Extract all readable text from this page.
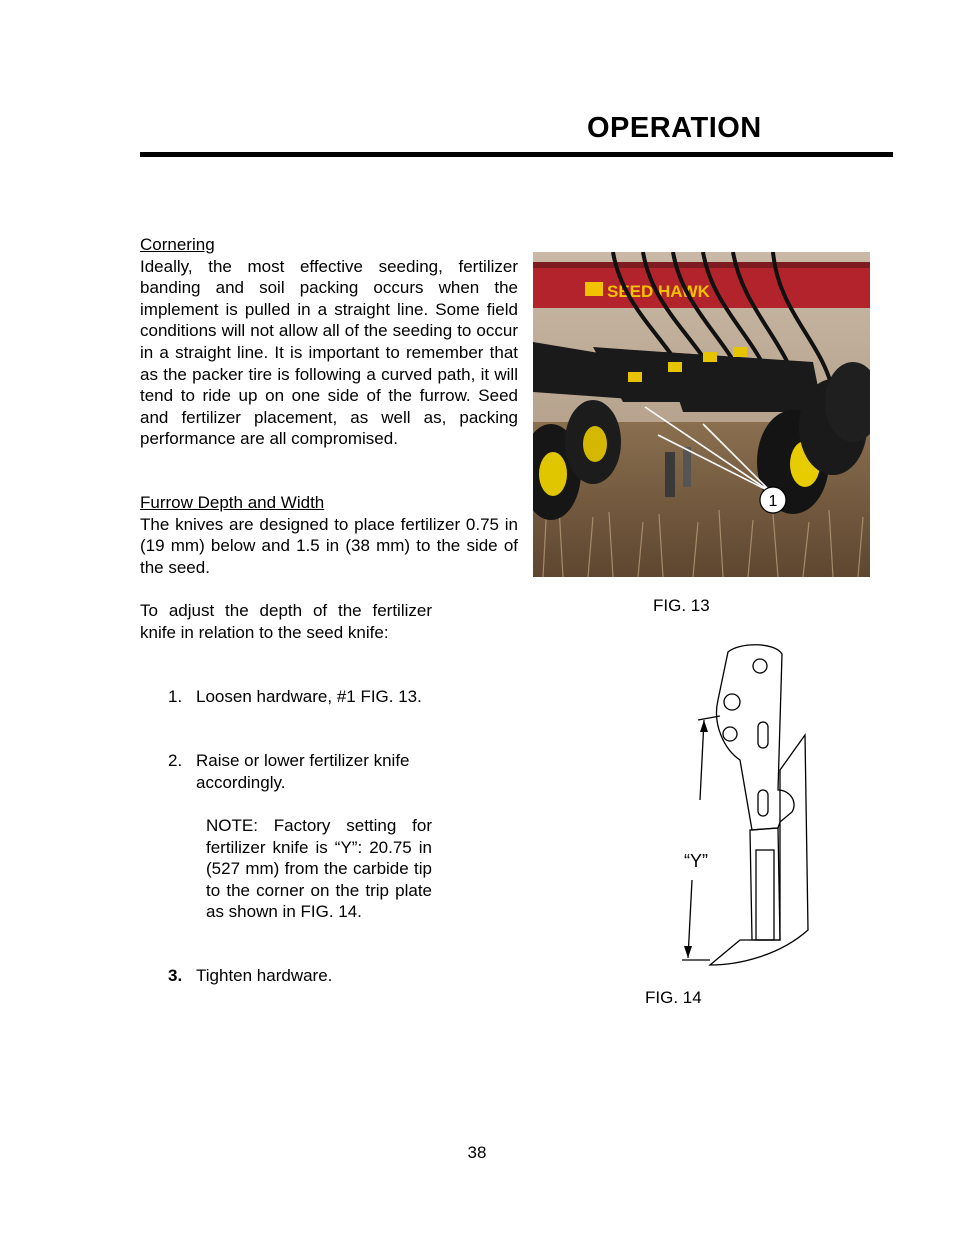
OPERATION
Cornering
Ideally, the most effective seeding, fertilizer banding and soil packing occurs when the implement is pulled in a straight line. Some field conditions will not allow all of the seeding to occur in a straight line. It is important to remember that as the packer tire is following a curved path, it will tend to ride up on one side of the furrow. Seed and fertilizer placement, as well as, packing performance are all compromised.
Furrow Depth and Width
The knives are designed to place fertilizer 0.75 in (19 mm) below and 1.5 in (38 mm) to the side of the seed.
To adjust the depth of the fertilizer knife in relation to the seed knife:
1. Loosen hardware, #1 FIG. 13.
2. Raise or lower fertilizer knife accordingly.
NOTE: Factory setting for fertilizer knife is “Y”: 20.75 in (527 mm) from the carbide tip to the corner on the trip plate as shown in FIG. 14.
3. Tighten hardware.
SEED HAWK
1
FIG. 13
“Y”
FIG. 14
38
